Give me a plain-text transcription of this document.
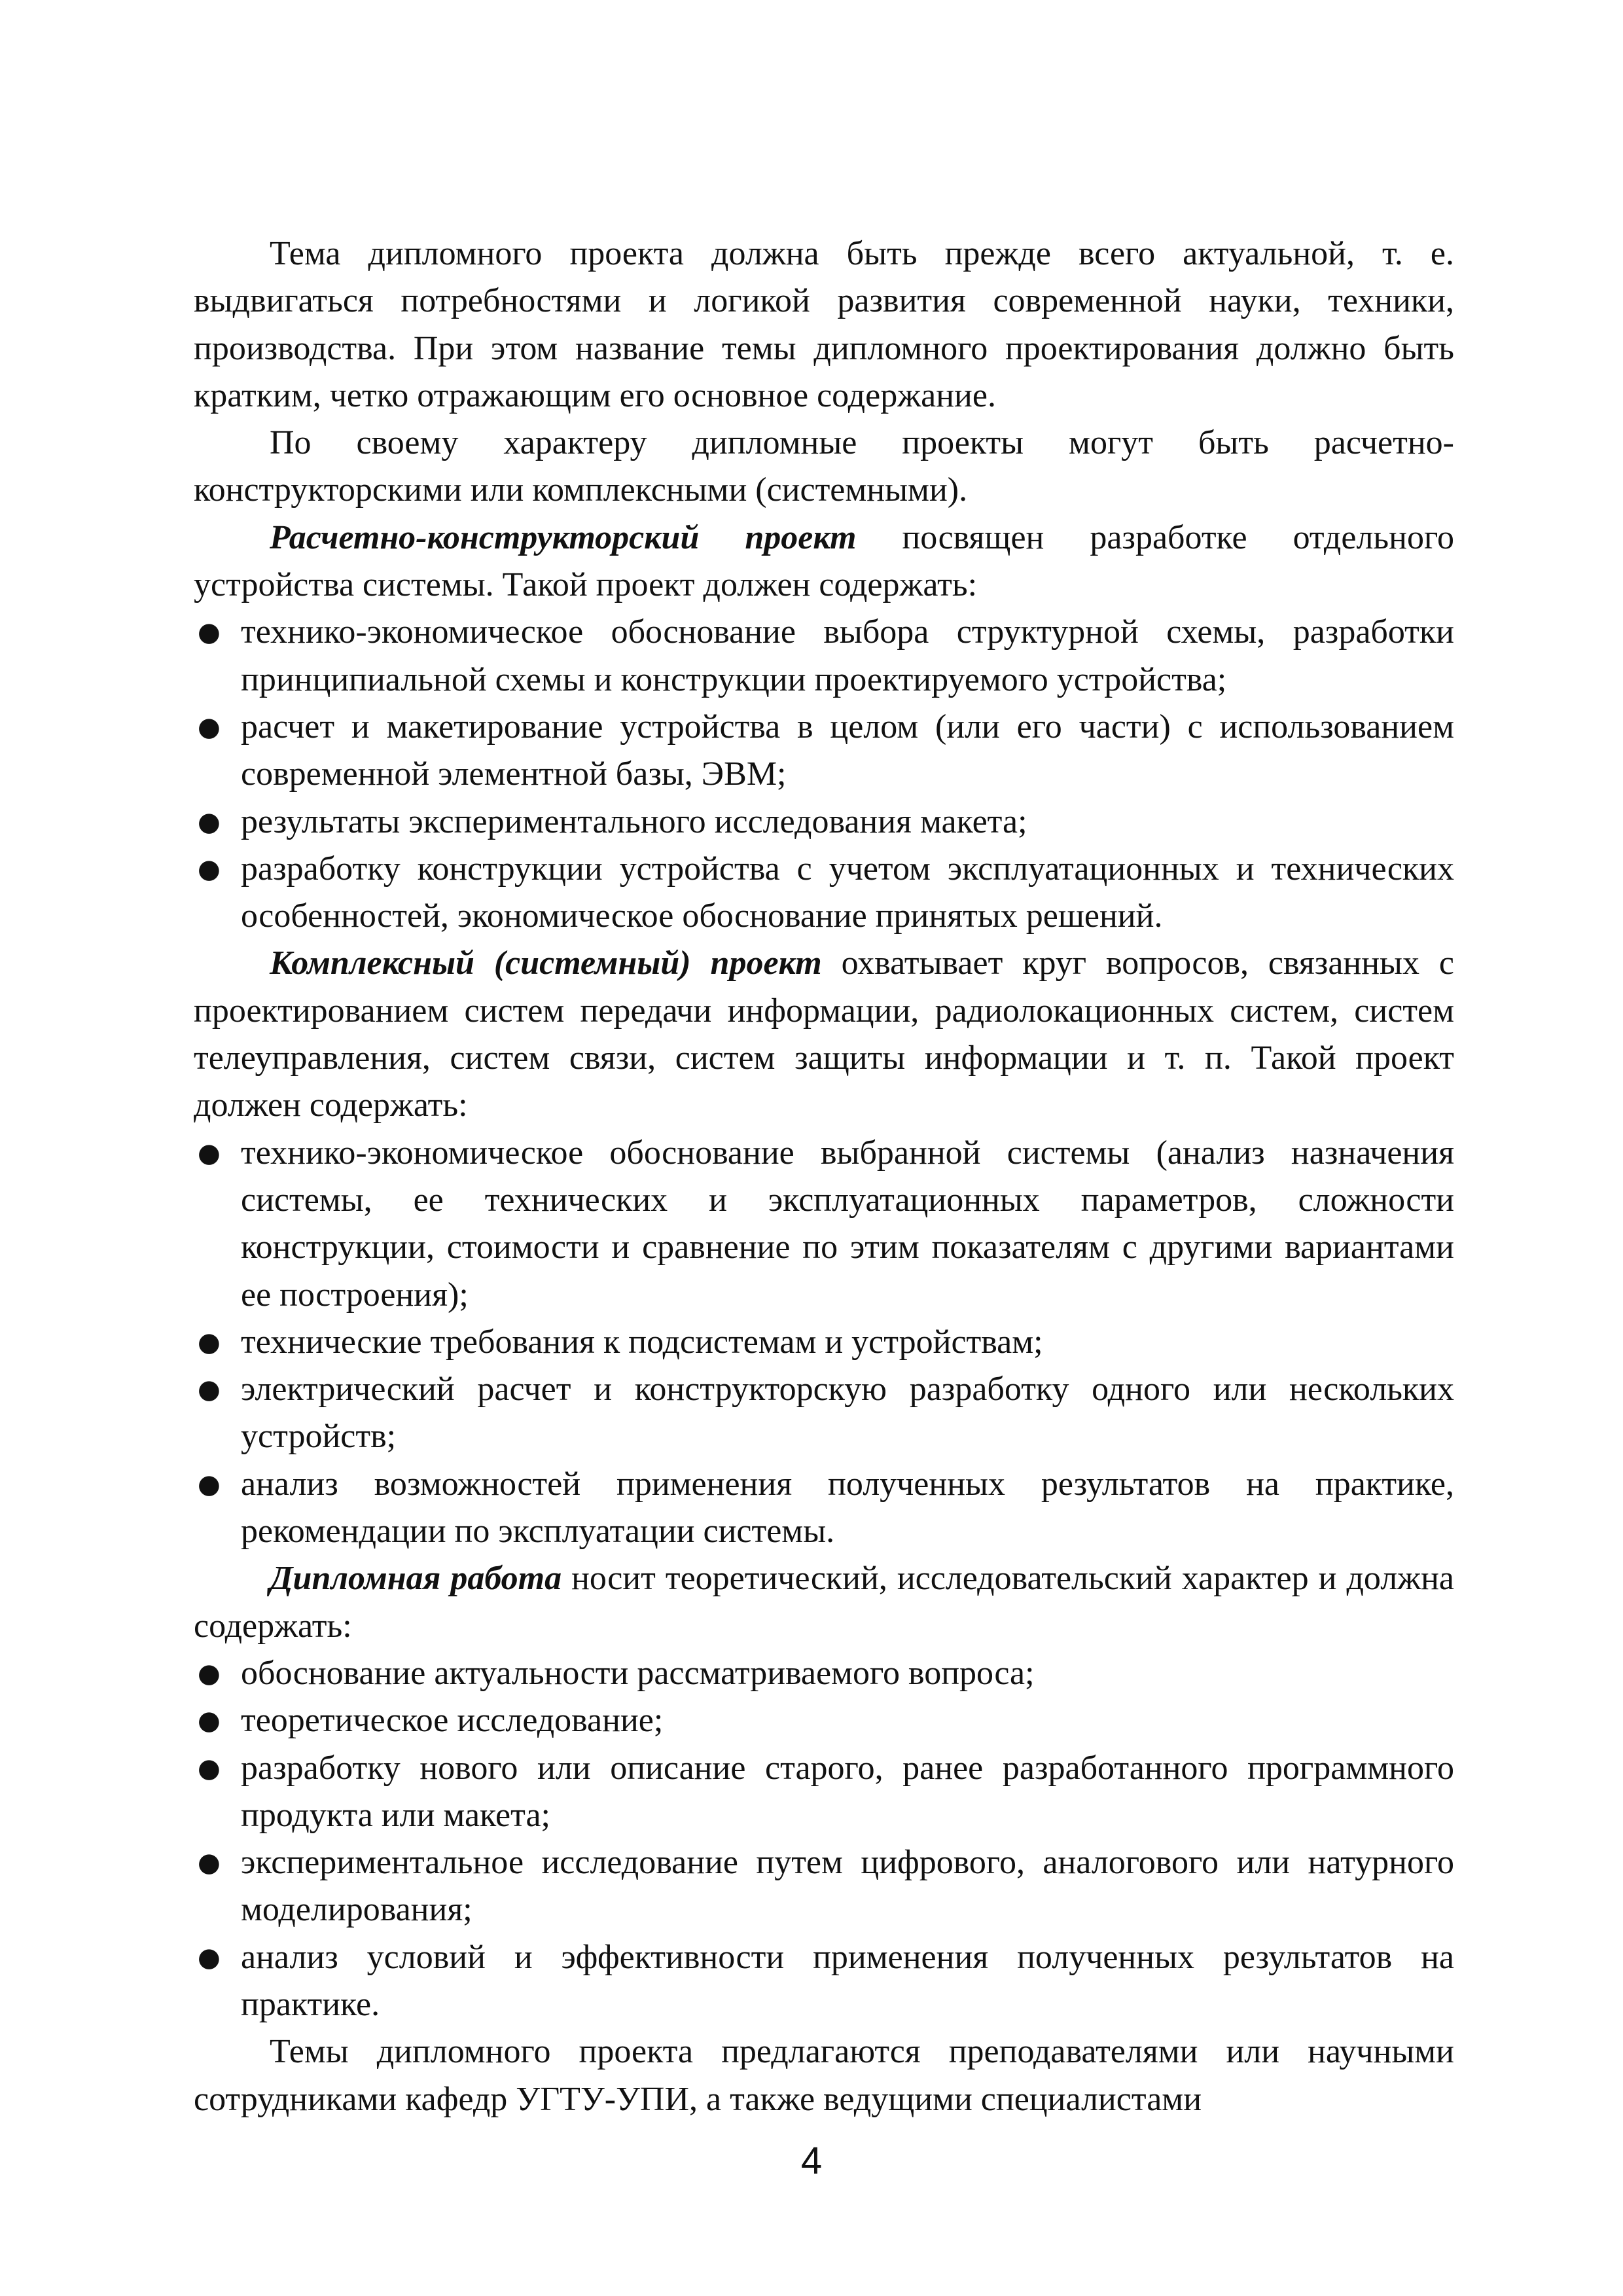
Тема дипломного проекта должна быть прежде всего актуальной, т. е. выдвигаться потребностями и логикой развития современной науки, техники, производства. При этом название темы дипломного проектирования должно быть кратким, четко отражающим его основное содержание.

По своему характеру дипломные проекты могут быть расчетно-конструкторскими или комплексными (системными).

Расчетно-конструкторский проект посвящен разработке отдельного устройства системы. Такой проект должен содержать:

● технико-экономическое обоснование выбора структурной схемы, разработки принципиальной схемы и конструкции проектируемого устройства;
● расчет и макетирование устройства в целом (или его части) с использованием современной элементной базы, ЭВМ;
● результаты экспериментального исследования макета;
● разработку конструкции устройства с учетом эксплуатационных и технических особенностей, экономическое обоснование принятых решений.

Комплексный (системный) проект охватывает круг вопросов, связанных с проектированием систем передачи информации, радиолокационных систем, систем телеуправления, систем связи, систем защиты информации и т. п. Такой проект должен содержать:

● технико-экономическое обоснование выбранной системы (анализ назначения системы, ее технических и эксплуатационных параметров, сложности конструкции, стоимости и сравнение по этим показателям с другими вариантами ее построения);
● технические требования к подсистемам и устройствам;
● электрический расчет и конструкторскую разработку одного или нескольких устройств;
● анализ возможностей применения полученных результатов на практике, рекомендации по эксплуатации системы.

Дипломная работа носит теоретический, исследовательский характер и должна содержать:

● обоснование актуальности рассматриваемого вопроса;
● теоретическое исследование;
● разработку нового или описание старого, ранее разработанного программного продукта или макета;
● экспериментальное исследование путем цифрового, аналогового или натурного моделирования;
● анализ условий и эффективности применения полученных результатов на практике.

Темы дипломного проекта предлагаются преподавателями или научными сотрудниками кафедр УГТУ-УПИ, а также ведущими специалистами

4
